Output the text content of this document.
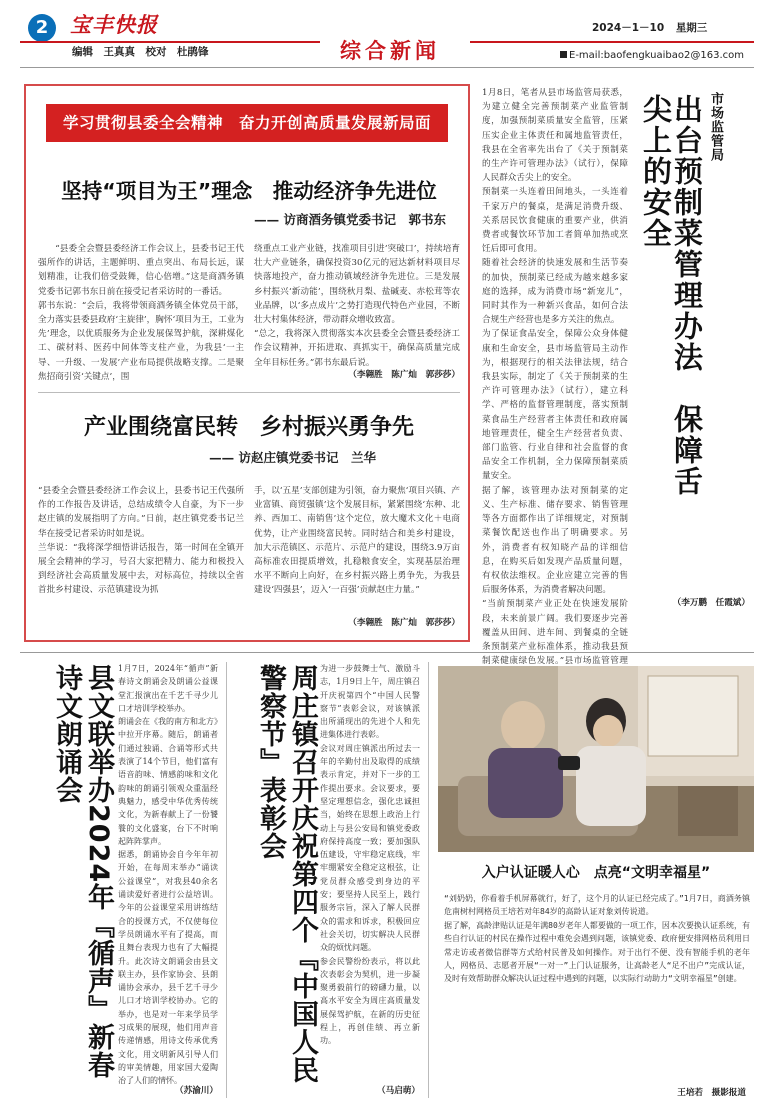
2	宝丰快报
编辑　王真真　校对　杜鹃锋	综合新闻
2024－1－10 星期三
E-mail:baofengkuaibao2@163.com
学习贯彻县委全会精神　奋力开创高质量发展新局面
坚持“项目为王”理念　推动经济争先进位
—— 访商酒务镇党委书记　郭书东
“县委全会暨县委经济工作会议上，县委书记王代强所作的讲话，主题鲜明、重点突出、布局长远，谋划精准，让我们倍受鼓舞，信心倍增。”这是商酒务镇党委书记郭书东日前在接受记者采访时的一番话。
郭书东说：“会后，我将带领商酒务镇全体党员干部，全力落实县委县政府‘主旋律’，胸怀‘项目为王，工业为先’理念，以优质服务为企业发展保驾护航，深耕煤化工、碳材料、医药中间体等支柱产业，为我县‘一主导、一升级、一发展’产业布局提供战略支撑。二是聚焦招商引资‘关键点’，围
绕重点工业产业链，找准项目引进‘突破口’，持续培育壮大产业链条，确保投资30亿元的冠达新材料项目尽快落地投产，奋力推动镇域经济争先进位。三是发展乡村振兴‘新动能’，围绕秋月梨、盐碱麦、赤松茸等农业品牌，以‘多点成片’之势打造现代特色产业园，不断壮大村集体经济，带动群众增收致富。
“总之，我将深入贯彻落实本次县委全会暨县委经济工作会议精神，开拓进取、真抓实干，确保高质量完成全年目标任务。”郭书东最后说。
（李翱胜　陈广灿　郭莎莎）
产业围绕富民转　乡村振兴勇争先
—— 访赵庄镇党委书记　兰华
“县委全会暨县委经济工作会议上，县委书记王代强所作的工作报告及讲话，总结成绩令人自豪，为下一步赵庄镇的发展指明了方向。”日前，赵庄镇党委书记兰华在接受记者采访时如是说。
兰华说：“我将深学细悟讲话报告，第一时间在全镇开展全会精神的学习，号召大家把精力、能力和极投入到经济社会高质量发展中去，对标高位，持续以全省首批乡村建设、示范镇建设为抓
手，以‘五星’支部创建为引领，奋力聚焦‘项目兴镇、产业富镇、商贸强镇’这个发展目标，紧紧围绕‘东种、北养、西加工、南销售’这个定位，放大魔术文化＋电商优势，让产业围绕富民转。同时结合和美乡村建设，加大示范镇区、示范片、示范户的建设，围绕3.9万亩高标准农田提质增效，扎稳粮食安全，实现基层治理水平不断向上向好，在乡村振兴路上勇争先，为我县建设‘四强县’，迈入‘一百强’贡献赵庄力量。”
（李翱胜　陈广灿　郭莎莎）
1月8日，笔者从县市场监管局获悉，为建立健全完善预制菜产业监管制度，加强预制菜质量安全监管，压紧压实企业主体责任和属地监管责任，我县在全省率先出台了《关于预制菜的生产许可管理办法》（试行），保障人民群众舌尖上的安全。
预制菜一头连着田间地头，一头连着千家万户的餐桌，是满足消费升级、关系居民饮食健康的重要产业，供消费者或餐饮环节加工者简单加热或烹饪后即可食用。
随着社会经济的快速发展和生活节奏的加快，预制菜已经成为越来越多家庭的选择，成为消费市场“新宠儿”，同时其作为一种新兴食品，如何合法合规生产经营也是多方关注的焦点。
为了保证食品安全，保障公众身体健康和生命安全，县市场监管局主动作为，根据现行的相关法律法规，结合我县实际，制定了《关于预制菜的生产许可管理办法》（试行），建立科学、严格的监督管理制度，落实预制菜食品生产经营者主体责任和政府属地管理责任，健全生产经营者负责、部门监管、行业自律和社会监督的食品安全工作机制，全力保障预制菜质量安全。
据了解，该管理办法对预制菜的定义、生产标准、储存要求、销售管理等各方面都作出了详细规定，对预制菜餐饮配送也作出了明确要求。另外，消费者有权知晓产品的详细信息，在购买后如发现产品质量问题，有权依法维权。企业应建立完善的售后服务体系，为消费者解决问题。
“当前预制菜产业正处在快速发展阶段，未来前景广阔。我们要逐步完善覆盖从田间、进车间、到餐桌的全链条预制菜产业标准体系，推动我县预制菜健康绿色发展。”县市场监管管理
市场监管局
出台预制菜管理办法　保障舌尖上的安全
（李万鹏　任霞斌）
县文联举办2024年『循声』新春诗文朗诵会	1月7日，2024年“循声”新春诗文朗诵会及朗诵公益课堂汇报演出在千艺千寻少儿口才培训学校举办。
朗诵会在《我的南方和北方》中拉开序幕。随后，朗诵者们通过独诵、合诵等形式共表演了14个节目，他们富有语音韵味、情感韵味和文化韵味的朗诵引领观众重温经典魅力，感受中华优秀传统文化，为新春献上了一份饕餮的文化盛宴，台下不时响起阵阵掌声。
据悉，朗诵协会自今年年初开始，在每周末举办“诵读公益课堂”，对我县40余名诵读爱好者进行公益培训。今年的公益课堂采用讲练结合的授课方式，不仅使每位学员朗诵水平有了提高，而且舞台表现力也有了大幅提升。此次诗文朗诵会由县文联主办，县作家协会、县朗诵协会承办，县千艺千寻少儿口才培训学校协办。它的举办，也是对一年来学员学习成果的展现，他们用声音传递情感，用诗文传承优秀文化，用文明新风引导人们的审美情趣，用家国大爱陶冶了人们的情怀。
（苏渝川）
周庄镇召开庆祝第四个『中国人民警察节』表彰会	为进一步鼓舞士气、激励斗志，1月9日上午，周庄镇召开庆祝第四个“中国人民警察节”表彰会议，对该镇派出所涌现出的先进个人和先进集体进行表彰。
会议对周庄镇派出所过去一年的辛勤付出及取得的成绩表示肯定，并对下一步的工作提出要求。会议要求，要坚定理想信念，强化忠诚担当，始终在思想上政治上行动上与县公安局和镇党委政府保持高度一致；要加强队伍建设，守牢稳定底线，牢牢绷紧安全稳定这根弦，让党员群众感受到身边的平安；要坚持人民至上，践行服务宗旨，深入了解人民群众的需求和诉求，积极回应社会关切，切实解决人民群众的烦忧问题。
参会民警纷纷表示，将以此次表彰会为契机，进一步凝聚勇毅前行的磅礴力量，以高水平安全为周庄高质量发展保驾护航，在新的历史征程上，再创佳绩、再立新功。
（马启萌）
入户认证暖人心　点亮“文明幸福星”
“刘奶奶，你看着手机屏幕就行，好了，这个月的认证已经完成了。”1月7日，商酒务镇危南树村网格员王培若对年84岁的高龄认证对象刘传说道。
据了解，高龄津贴认证是年满80岁老年人都要做的一项工作，因本次要换认证系统，有些自行认证的村民在操作过程中难免会遇到问题，该镇党委、政府便安排网格员利用日常走访或者微信群等方式给村民普及如何操作。对于出行不便、没有智能手机的老年人，网格员、志愿者开展“一对一”上门认证服务，让高龄老人“足不出户”完成认证，及时有效帮助群众解决认证过程中遇到的问题，以实际行动助力“文明幸福星”创建。
王培若　摄影报道
